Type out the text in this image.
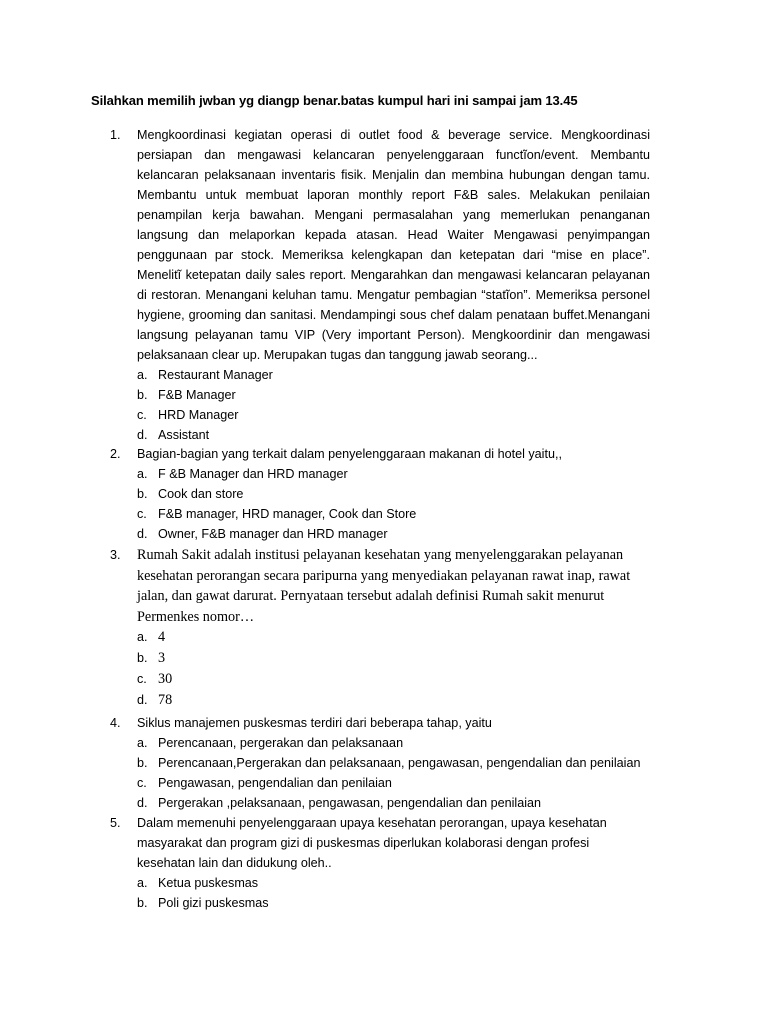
Silahkan memilih jwban yg diangp benar.batas kumpul hari ini sampai jam 13.45
1.	Mengkoordinasi kegiatan operasi di outlet food & beverage service. Mengkoordinasi persiapan dan mengawasi kelancaran penyelenggaraan functĩon/event. Membantu kelancaran pelaksanaan inventaris fisik. Menjalin dan membina hubungan dengan tamu. Membantu untuk membuat laporan monthly report F&B sales. Melakukan penilaian penampilan kerja bawahan. Mengani permasalahan yang memerlukan penanganan langsung dan melaporkan kepada atasan. Head Waiter Mengawasi penyimpangan penggunaan par stock. Memeriksa kelengkapan dan ketepatan dari “mise en place”. Menelitĩ ketepatan daily sales report. Mengarahkan dan mengawasi kelancaran pelayanan di restoran. Menangani keluhan tamu. Mengatur pembagian “statĩon”. Memeriksa personel hygiene, grooming dan sanitasi. Mendampingi sous chef dalam penataan buffet.Menangani langsung pelayanan tamu VIP (Very important Person). Mengkoordinir dan mengawasi pelaksanaan clear up. Merupakan tugas dan tanggung jawab seorang...
a. Restaurant Manager
b. F&B Manager
c. HRD Manager
d. Assistant
2.	Bagian-bagian yang terkait dalam penyelenggaraan makanan di hotel yaitu,,
a. F &B Manager dan HRD manager
b. Cook dan store
c. F&B manager, HRD manager, Cook dan Store
d. Owner, F&B manager dan HRD manager
3.	Rumah Sakit adalah institusi pelayanan kesehatan yang menyelenggarakan pelayanan kesehatan perorangan secara paripurna yang menyediakan pelayanan rawat inap, rawat jalan, dan gawat darurat. Pernyataan tersebut adalah definisi Rumah sakit menurut Permenkes nomor…
a. 4
b. 3
c. 30
d. 78
4.	Siklus manajemen puskesmas terdiri dari beberapa tahap, yaitu
a. Perencanaan, pergerakan dan pelaksanaan
b. Perencanaan,Pergerakan dan pelaksanaan, pengawasan, pengendalian dan penilaian
c. Pengawasan, pengendalian dan penilaian
d. Pergerakan ,pelaksanaan, pengawasan, pengendalian dan penilaian
5.	Dalam memenuhi penyelenggaraan upaya kesehatan perorangan, upaya kesehatan masyarakat dan program gizi di puskesmas diperlukan kolaborasi dengan profesi kesehatan lain dan didukung oleh..
a. Ketua puskesmas
b. Poli gizi puskesmas
